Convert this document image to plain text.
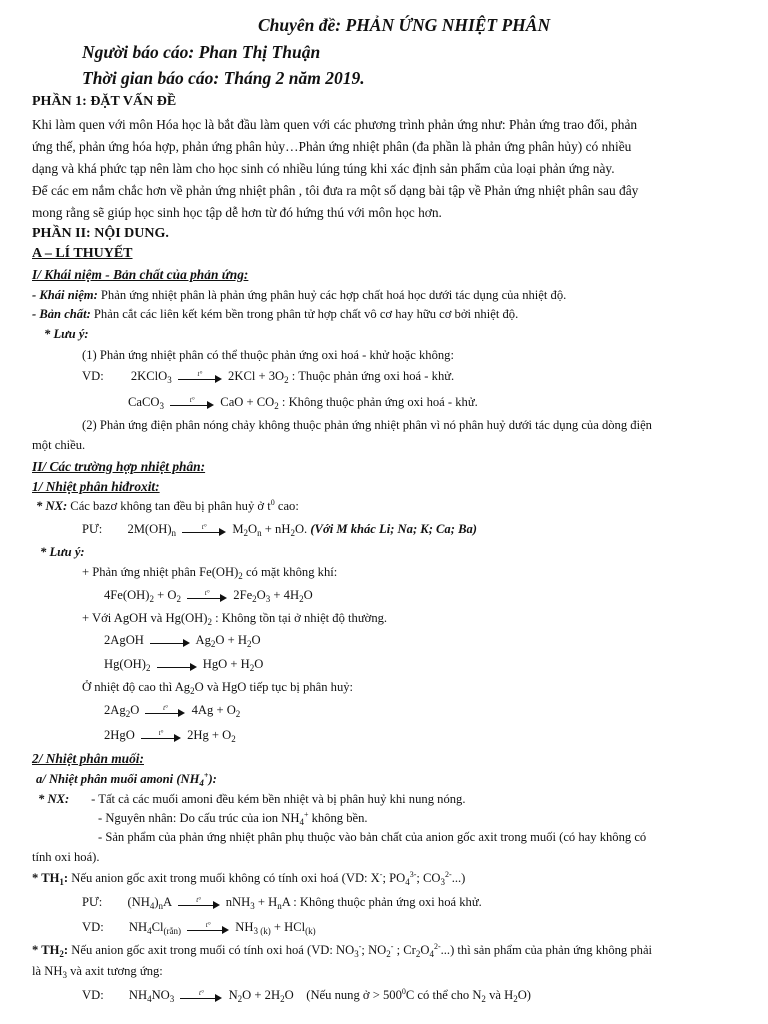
Chuyên đề: PHẢN ỨNG NHIỆT PHÂN
Người báo cáo: Phan Thị Thuận
Thời gian báo cáo: Tháng 2 năm 2019.
PHẦN 1: ĐẶT VẤN ĐỀ
Khi làm quen với môn Hóa học là bắt đầu làm quen với các phương trình phản ứng như: Phản ứng trao đổi, phản
ứng thế, phản ứng hóa hợp, phản ứng phân hủy…Phản ứng nhiệt phân (đa phần là phản ứng phân hủy) có nhiều
dạng và khá phức tạp nên làm cho học sinh có nhiều lúng túng khi xác định sản phẩm của loại phản ứng này.
Để các em nắm chắc hơn về phản ứng nhiệt phân , tôi đưa ra một số dạng bài tập về Phản ứng nhiệt phân sau đây
mong rằng sẽ giúp học sinh học tập dễ hơn từ đó hứng thú với môn học hơn.
PHẦN II: NỘI DUNG.
A – LÍ THUYẾT
I/ Khái niệm - Bản chất của phản ứng:
- Khái niệm: Phản ứng nhiệt phân là phản ứng phân huỷ các hợp chất hoá học dưới tác dụng của nhiệt độ.
- Bản chất: Phản cắt các liên kết kém bền trong phân tử hợp chất vô cơ hay hữu cơ bởi nhiệt độ.
* Lưu ý:
(1) Phản ứng nhiệt phân có thể thuộc phản ứng oxi hoá - khử hoặc không:
VD: 2KClO$_3$
t°	$2KCl + 3O_2$ : Thuộc phản ứng oxi hoá - khử.
CaCO$_3$
t°	CaO + $CO_2$ : Không thuộc phản ứng oxi hoá - khử.
(2) Phản ứng điện phân nóng chảy không thuộc phản ứng nhiệt phân vì nó phân huỷ dưới tác dụng của dòng điện
một chiều.
II/ Các trường hợp nhiệt phân:
1/ Nhiệt phân hiđroxit:
* NX: Các bazơ không tan đều bị phân huỷ ở $t^0$ cao:
PƯ: $2M(OH)_n$
t°	$M_2O_n + nH_2O$. (Với M khác Li; Na; K; Ca; Ba)
* Lưu ý:
+ Phản ứng nhiệt phân $Fe(OH)_2$ có mặt không khí:
$4Fe(OH)_2 + O_2$
t°	$2Fe_2O_3 + 4H_2O$
+ Với AgOH và $Hg(OH)_2$ : Không tồn tại ở nhiệt độ thường.
2AgOH	$Ag_2O + H_2O$
$Hg(OH)_2$	HgO + $H_2O$
Ở nhiệt độ cao thì $Ag_2O$ và HgO tiếp tục bị phân huỷ:
$2Ag_2O$	t°	$4Ag + O_2$
2HgO	t°	$2Hg + O_2$
2/ Nhiệt phân muối:
a/ Nhiệt phân muối amoni $(NH_4^+)$:
* NX: - Tất cả các muối amoni đều kém bền nhiệt và bị phân huỷ khi nung nóng.
- Nguyên nhân: Do cấu trúc của ion $NH_4^+$ không bền.
- Sản phẩm của phản ứng nhiệt phân phụ thuộc vào bản chất của anion gốc axit trong muối (có hay không có
tính oxi hoá).
* $TH_1$: Nếu anion gốc axit trong muối không có tính oxi hoá (VD: X-; $PO_4^{3-}$; $CO_3^{2-}$...)
PƯ: $(NH_4)_nA$	t°	$nNH_3 + H_nA$ : Không thuộc phản ứng oxi hoá khử.
VD: $NH_4Cl_{(rắn)}$
t°	$NH_{3 (k)} + HCl_{(k)}$
* $TH_2$: Nếu anion gốc axit trong muối có tính oxi hoá (VD: $NO_3^-$; $NO_2^-$ ; $Cr_2O_4^{2-}$...) thì sản phẩm của phản ứng không phải
là $NH_3$ và axit tương ứng:
VD: $NH_4NO_3$
t°	$N_2O + 2H_2O$    (Nếu nung ở > $500^0C$ có thể cho $N_2$ và $H_2O$)
